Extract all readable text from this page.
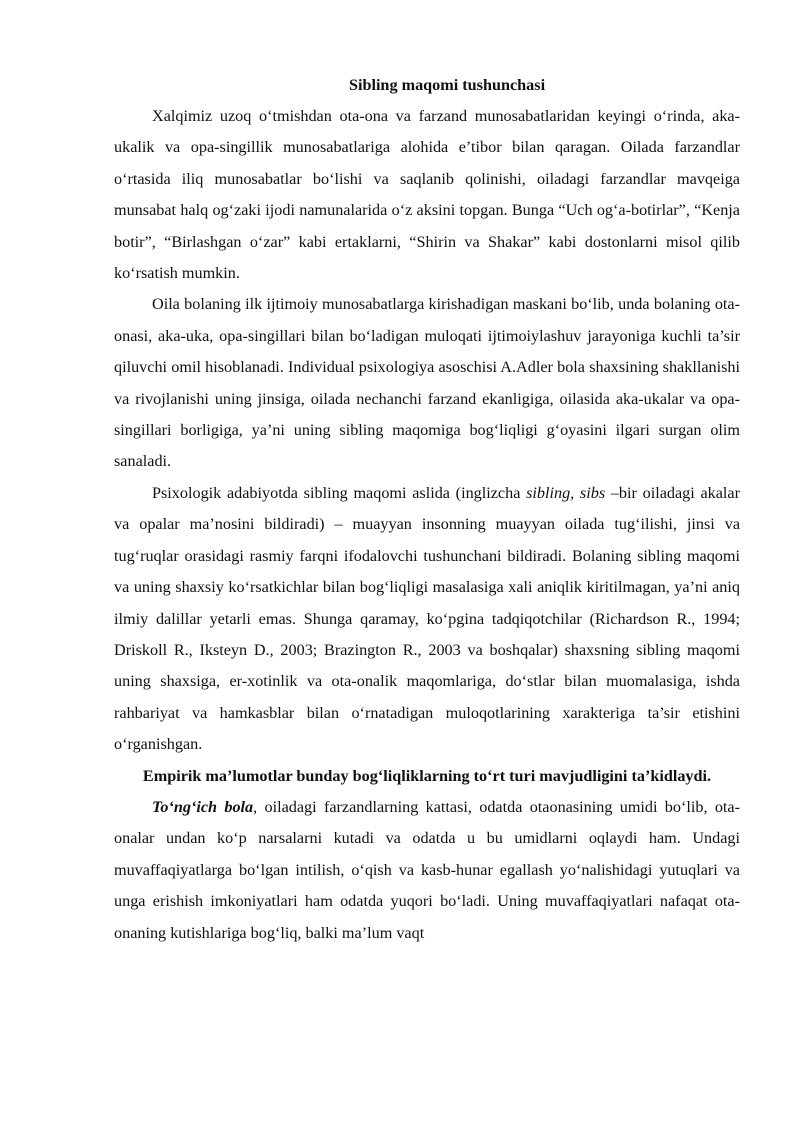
Sibling maqomi tushunchasi

Xalqimiz uzoq o‘tmishdan ota-ona va farzand munosabatlaridan keyingi o‘rinda, aka-ukalik va opa-singillik munosabatlariga alohida e’tibor bilan qaragan. Oilada farzandlar o‘rtasida iliq munosabatlar bo‘lishi va saqlanib qolinishi, oiladagi farzandlar mavqeiga munsabat halq og‘zaki ijodi namunalarida o‘z aksini topgan. Bunga “Uch og‘a-botirlar”, “Kenja botir”, “Birlashgan o‘zar” kabi ertaklarni, “Shirin va Shakar” kabi dostonlarni misol qilib ko‘rsatish mumkin.

Oila bolaning ilk ijtimoiy munosabatlarga kirishadigan maskani bo‘lib, unda bolaning ota-onasi, aka-uka, opa-singillari bilan bo‘ladigan muloqati ijtimoiylashuv jarayoniga kuchli ta’sir qiluvchi omil hisoblanadi. Individual psixologiya asoschisi A.Adler bola shaxsining shakllanishi va rivojlanishi uning jinsiga, oilada nechanchi farzand ekanligiga, oilasida aka-ukalar va opa-singillari borligiga, ya’ni uning sibling maqomiga bog‘liqligi g‘oyasini ilgari surgan olim sanaladi.

Psixologik adabiyotda sibling maqomi aslida (inglizcha sibling, sibs –bir oiladagi akalar va opalar ma’nosini bildiradi) – muayyan insonning muayyan oilada tug‘ilishi, jinsi va tug‘ruqlar orasidagi rasmiy farqni ifodalovchi tushunchani bildiradi. Bolaning sibling maqomi va uning shaxsiy ko‘rsatkichlar bilan bog‘liqligi masalasiga xali aniqlik kiritilmagan, ya’ni aniq ilmiy dalillar yetarli emas. Shunga qaramay, ko‘pgina tadqiqotchilar (Richardson R., 1994; Driskoll R., Iksteyn D., 2003; Brazington R., 2003 va boshqalar) shaxsning sibling maqomi uning shaxsiga, er-xotinlik va ota-onalik maqomlariga, do‘stlar bilan muomalasiga, ishda rahbariyat va hamkasblar bilan o‘rnatadigan muloqotlarining xarakteriga ta’sir etishini o‘rganishgan.

Empirik ma’lumotlar bunday bog‘liqliklarning to‘rt turi mavjudligini ta’kidlaydi.

To‘ng‘ich bola, oiladagi farzandlarning kattasi, odatda otaonasining umidi bo‘lib, ota-onalar undan ko‘p narsalarni kutadi va odatda u bu umidlarni oqlaydi ham. Undagi muvaffaqiyatlarga bo‘lgan intilish, o‘qish va kasb-hunar egallash yo‘nalishidagi yutuqlari va unga erishish imkoniyatlari ham odatda yuqori bo‘ladi. Uning muvaffaqiyatlari nafaqat ota-onaning kutishlariga bog‘liq, balki ma’lum vaqt
